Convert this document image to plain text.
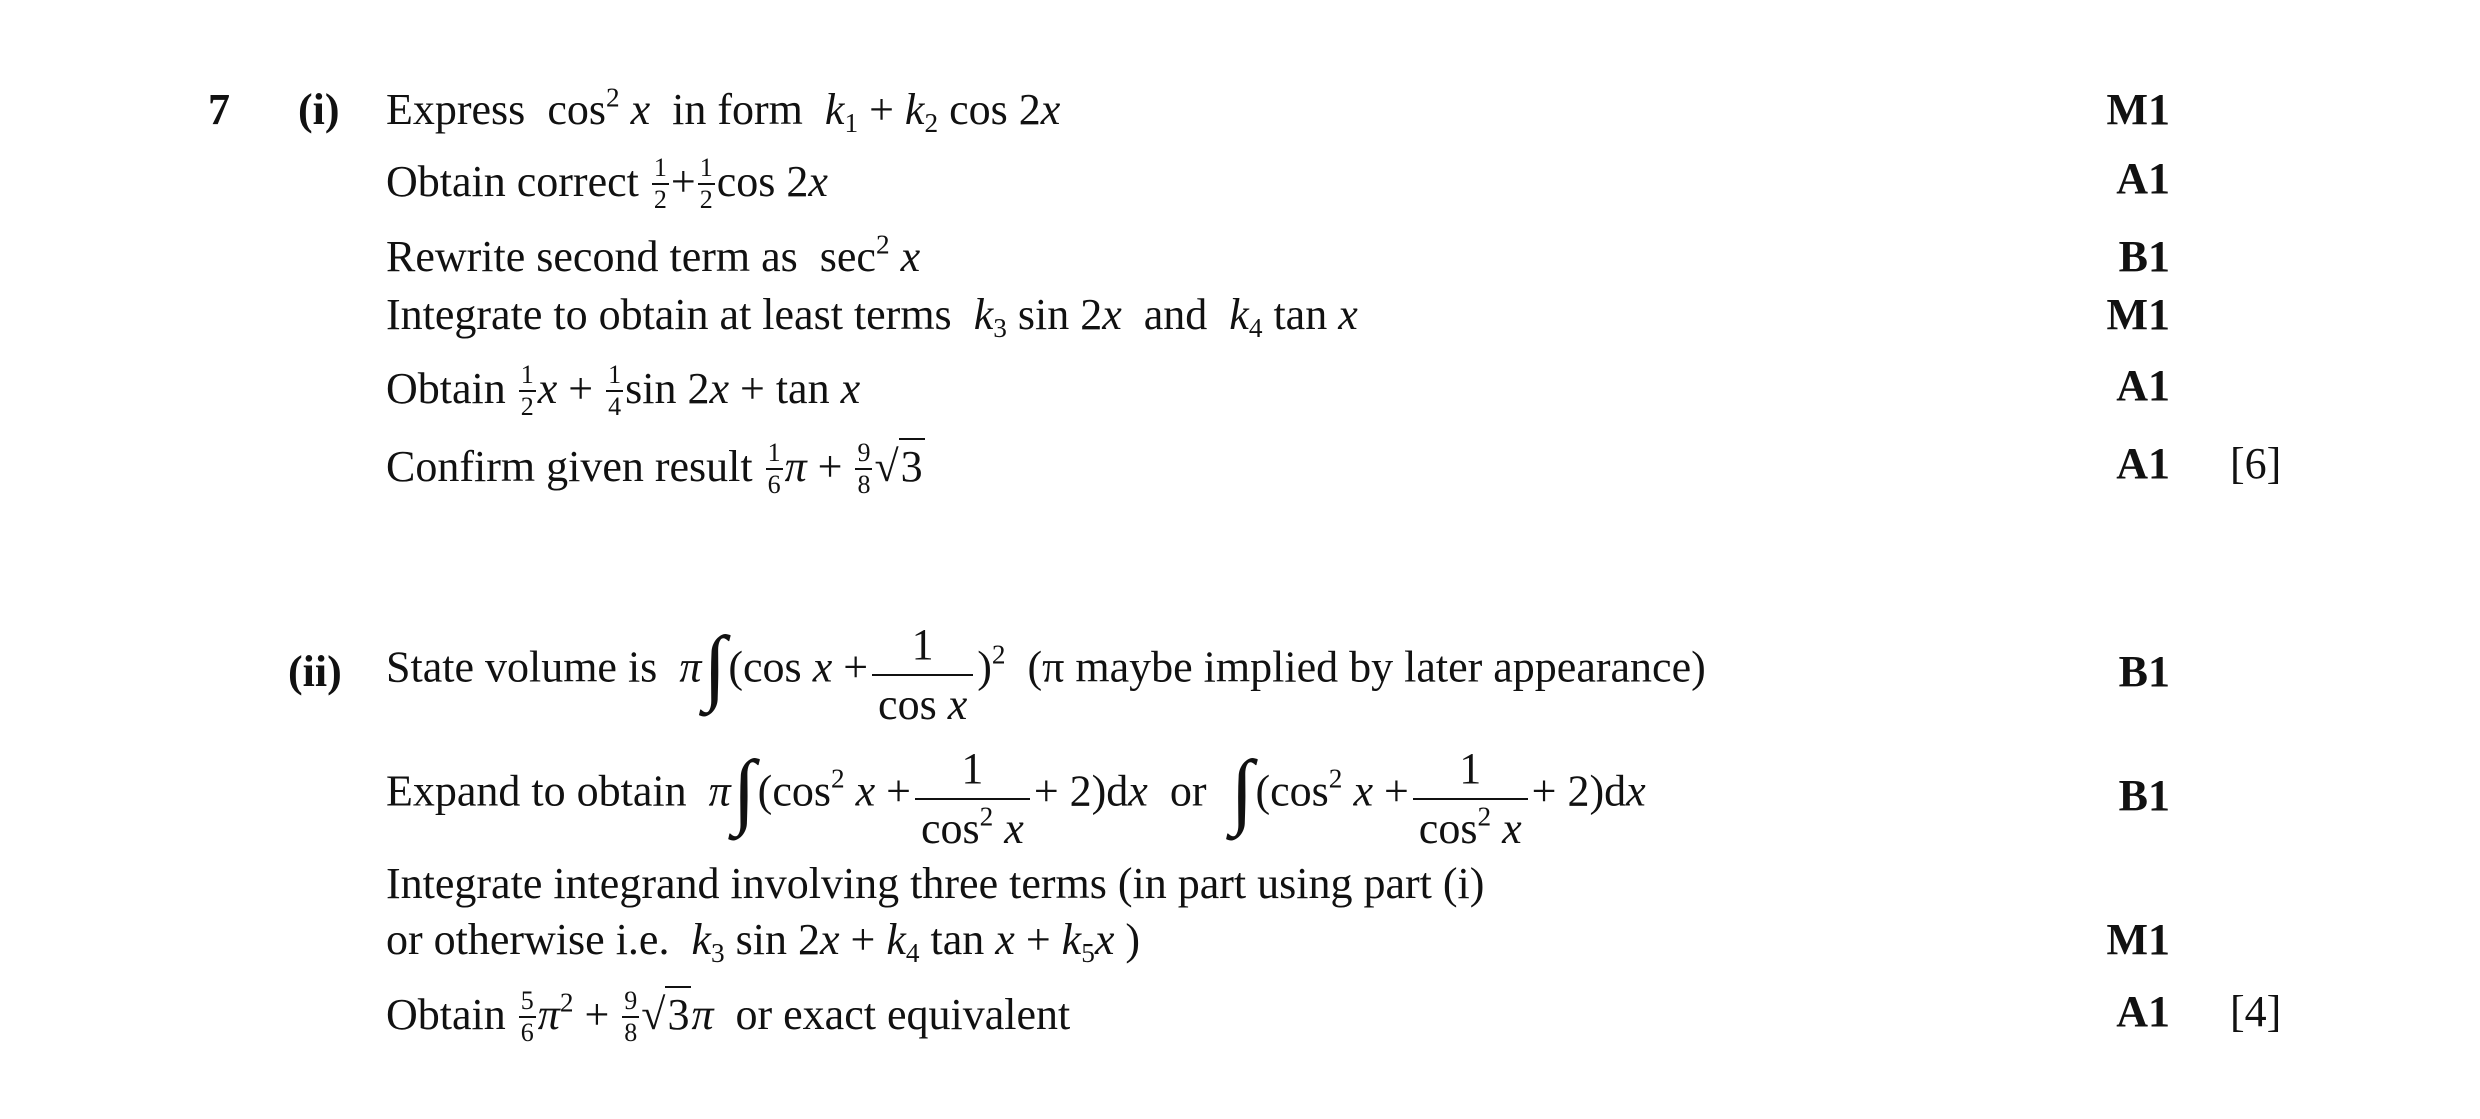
7 (i) Express  $\cos^2 x$  in form  $k_1 + k_2$ cos 2x	M1
Obtain correct $\frac{1}{2} + \frac{1}{2}$ cos 2x	A1
Rewrite second term as  $\sec^2 x$	B1
Integrate to obtain at least terms $k_3$ sin 2x  and  $k_4$ tan x	M1
Obtain $\frac{1}{2}$ $x + \frac{1}{4}$ sin 2x + tan x	A1
Confirm given result $\frac{1}{6}$ $\pi + \frac{9}{8} √3$	A1 [6]
(ii) State volume is π∫(cos $x + \frac{1}{\text{cos x}} )^2$ (π maybe implied by later appearance)	B1
Expand to obtain $\pi\int(\cos^2$ $x + \frac{1}{\cos^2 x} + 2)dx$  or  $\int(\cos^2$ $x + \frac{1}{\cos^2 x} + 2)dx$	B1
Integrate integrand involving three terms (in part using part (i)
or otherwise i.e. $k_3$ $\sin 2x + k_4$ $\tan x + k_5x$ )	M1
Obtain $\frac{5}{6} \pi^2 + \frac{9}{8} √3\pi$ or exact equivalent	A1 [4]
